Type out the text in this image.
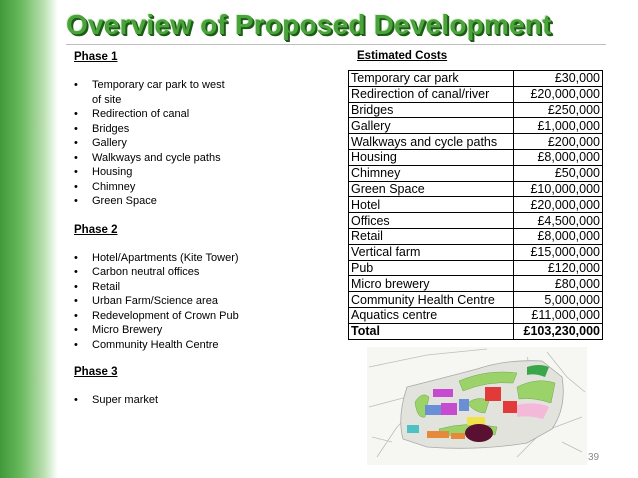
Overview of Proposed Development

Phase 1

• Temporary car park to west of site
• Redirection of canal
• Bridges
• Gallery
• Walkways and cycle paths
• Housing
• Chimney
• Green Space

Phase 2

• Hotel/Apartments (Kite Tower)
• Carbon neutral offices
• Retail
• Urban Farm/Science area
• Redevelopment of Crown Pub
• Micro Brewery
• Community Health Centre

Phase 3

• Super market
Estimated Costs
Temporary car park	£30,000
Redirection of canal/river	£20,000,000
Bridges	£250,000
Gallery	£1,000,000
Walkways and cycle paths	£200,000
Housing	£8,000,000
Chimney	£50,000
Green Space	£10,000,000
Hotel	£20,000,000
Offices	£4,500,000
Retail	£8,000,000
Vertical farm	£15,000,000
Pub	£120,000
Micro brewery	£80,000
Community Health Centre	5,000,000
Aquatics centre	£11,000,000
Total	£103,230,000
39
